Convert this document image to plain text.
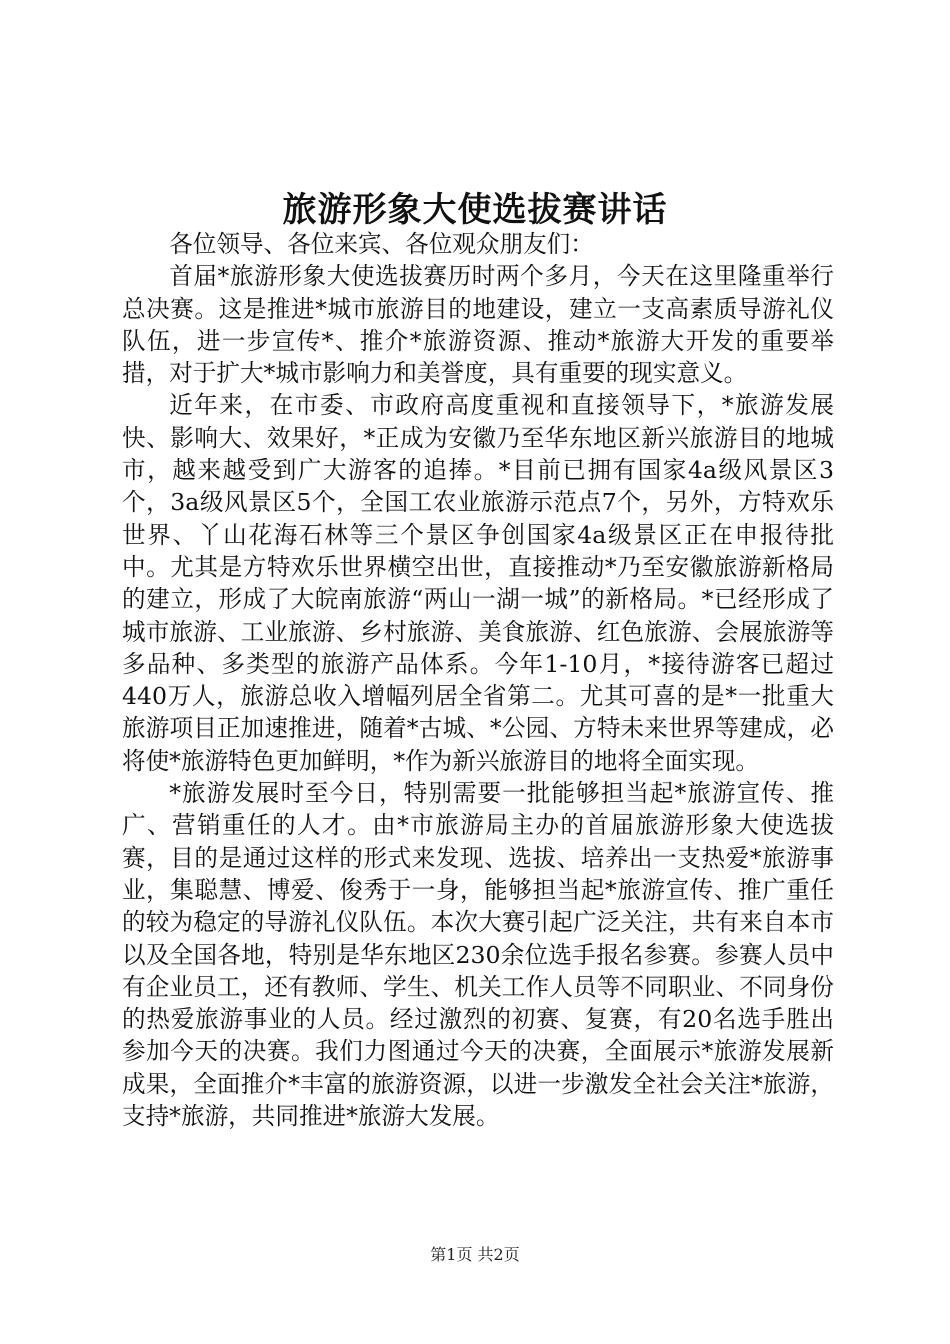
旅游形象大使选拔赛讲话

各位领导、各位来宾、各位观众朋友们：

首届*旅游形象大使选拔赛历时两个多月，今天在这里隆重举行总决赛。这是推进*城市旅游目的地建设，建立一支高素质导游礼仪队伍，进一步宣传*、推介*旅游资源、推动*旅游大开发的重要举措，对于扩大*城市影响力和美誉度，具有重要的现实意义。

近年来，在市委、市政府高度重视和直接领导下，*旅游发展快、影响大、效果好，*正成为安徽乃至华东地区新兴旅游目的地城市，越来越受到广大游客的追捧。*目前已拥有国家4a级风景区3个，3a级风景区5个，全国工农业旅游示范点7个，另外，方特欢乐世界、丫山花海石林等三个景区争创国家4a级景区正在申报待批中。尤其是方特欢乐世界横空出世，直接推动*乃至安徽旅游新格局的建立，形成了大皖南旅游“两山一湖一城”的新格局。*已经形成了城市旅游、工业旅游、乡村旅游、美食旅游、红色旅游、会展旅游等多品种、多类型的旅游产品体系。今年1-10月，*接待游客已超过440万人，旅游总收入增幅列居全省第二。尤其可喜的是*一批重大旅游项目正加速推进，随着*古城、*公园、方特未来世界等建成，必将使*旅游特色更加鲜明，*作为新兴旅游目的地将全面实现。

*旅游发展时至今日，特别需要一批能够担当起*旅游宣传、推广、营销重任的人才。由*市旅游局主办的首届旅游形象大使选拔赛，目的是通过这样的形式来发现、选拔、培养出一支热爱*旅游事业，集聪慧、博爱、俊秀于一身，能够担当起*旅游宣传、推广重任的较为稳定的导游礼仪队伍。本次大赛引起广泛关注，共有来自本市以及全国各地，特别是华东地区230余位选手报名参赛。参赛人员中有企业员工，还有教师、学生、机关工作人员等不同职业、不同身份的热爱旅游事业的人员。经过激烈的初赛、复赛，有20名选手胜出参加今天的决赛。我们力图通过今天的决赛，全面展示*旅游发展新成果，全面推介*丰富的旅游资源，以进一步激发全社会关注*旅游，支持*旅游，共同推进*旅游大发展。

第1页 共2页
